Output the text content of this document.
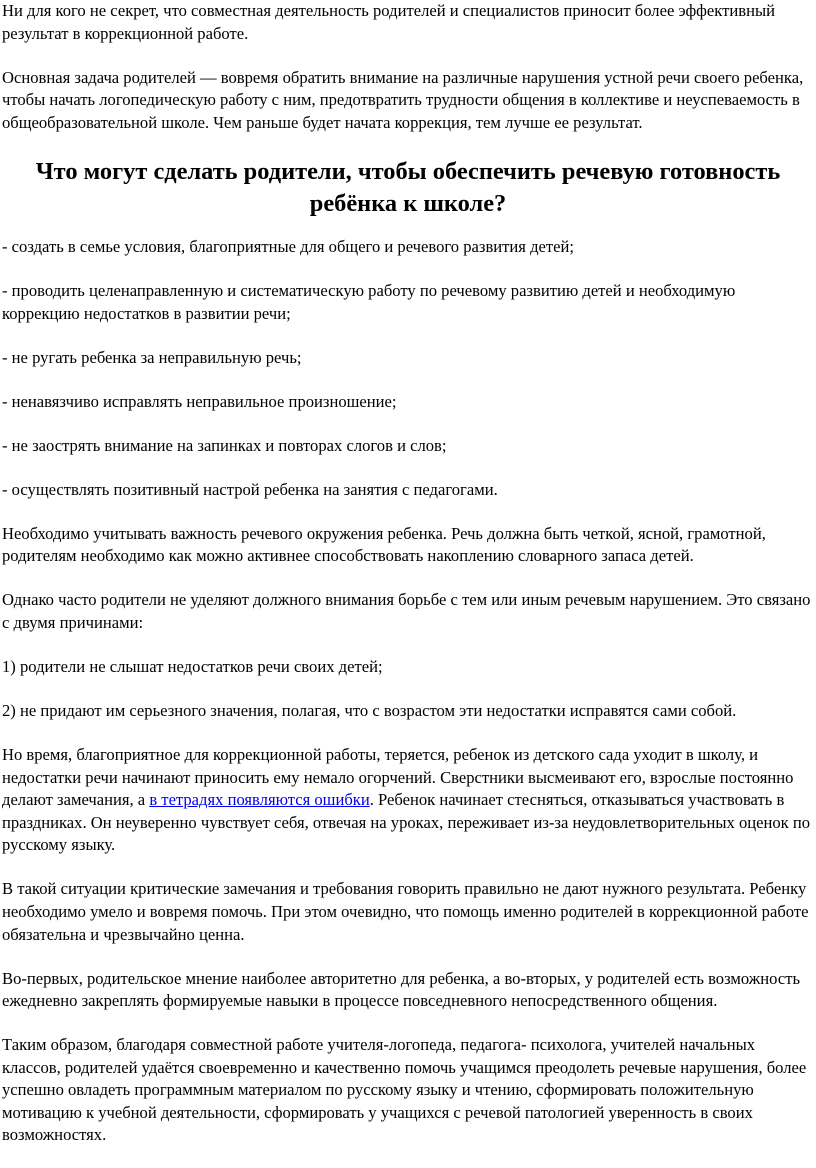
Ни для кого не секрет, что совместная деятельность родителей и специалистов приносит более эффективный результат в коррекционной работе.

Основная задача родителей — вовремя обратить внимание на различные нарушения устной речи своего ребенка, чтобы начать логопедическую работу с ним, предотвратить трудности общения в коллективе и неуспеваемость в общеобразовательной школе. Чем раньше будет начата коррекция, тем лучше ее результат.

Что могут сделать родители, чтобы обеспечить речевую готовность ребёнка к школе?

- создать в семье условия, благоприятные для общего и речевого развития детей;

- проводить целенаправленную и систематическую работу по речевому развитию детей и необходимую коррекцию недостатков в развитии речи;

- не ругать ребенка за неправильную речь;

- ненавязчиво исправлять неправильное произношение;

- не заострять внимание на запинках и повторах слогов и слов;

- осуществлять позитивный настрой ребенка на занятия с педагогами.

Необходимо учитывать важность речевого окружения ребенка. Речь должна быть четкой, ясной, грамотной, родителям необходимо как можно активнее способствовать накоплению словарного запаса детей.

Однако часто родители не уделяют должного внимания борьбе с тем или иным речевым нарушением. Это связано с двумя причинами:

1) родители не слышат недостатков речи своих детей;

2) не придают им серьезного значения, полагая, что с возрастом эти недостатки исправятся сами собой.

Но время, благоприятное для коррекционной работы, теряется, ребенок из детского сада уходит в школу, и недостатки речи начинают приносить ему немало огорчений. Сверстники высмеивают его, взрослые постоянно делают замечания, а в тетрадях появляются ошибки. Ребенок начинает стесняться, отказываться участвовать в праздниках. Он неуверенно чувствует себя, отвечая на уроках, переживает из-за неудовлетворительных оценок по русскому языку.

В такой ситуации критические замечания и требования говорить правильно не дают нужного результата. Ребенку необходимо умело и вовремя помочь. При этом очевидно, что помощь именно родителей в коррекционной работе обязательна и чрезвычайно ценна.

Во-первых, родительское мнение наиболее авторитетно для ребенка, а во-вторых, у родителей есть возможность ежедневно закреплять формируемые навыки в процессе повседневного непосредственного общения.

Таким образом, благодаря совместной работе учителя-логопеда, педагога- психолога, учителей начальных классов, родителей удаётся своевременно и качественно помочь учащимся преодолеть речевые нарушения, более успешно овладеть программным материалом по русскому языку и чтению, сформировать положительную мотивацию к учебной деятельности, сформировать у учащихся с речевой патологией уверенность в своих возможностях.
